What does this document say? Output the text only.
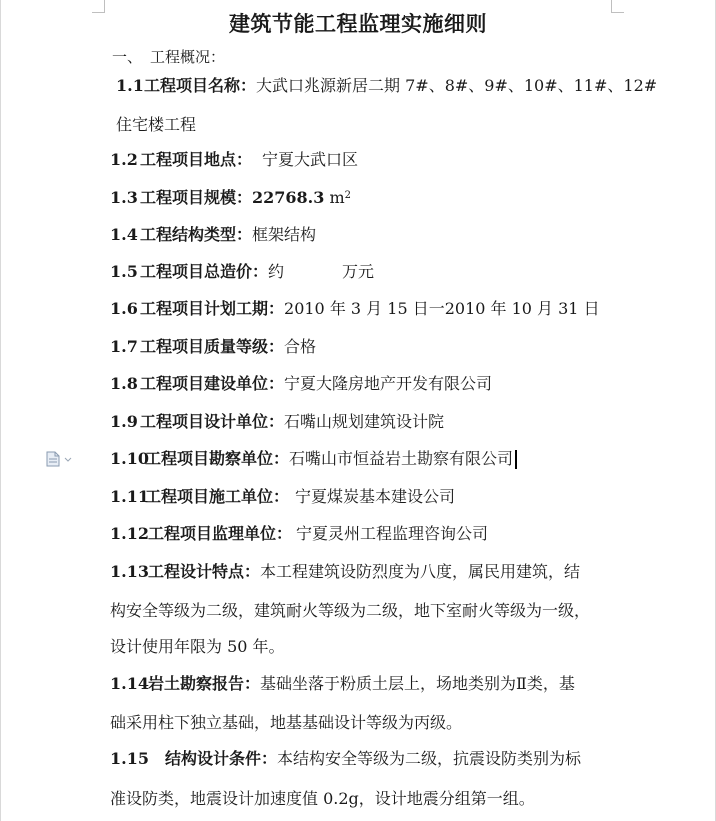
建筑节能工程监理实施细则
一、 工程概况：
1.1工程项目名称：大武口兆源新居二期 7#、8#、9#、10#、11#、12#
住宅楼工程
1.2 工程项目地点： 宁夏大武口区
1.3 工程项目规模：22768.3 $m^2$
1.4 工程结构类型：框架结构
1.5 工程项目总造价：约	万元
1.6 工程项目计划工期：2010 年 3 月 15 日一2010 年 10 月 31 日
1.7 工程项目质量等级：合格
1.8 工程项目建设单位：宁夏大隆房地产开发有限公司
1.9 工程项目设计单位：石嘴山规划建筑设计院
1.10工程项目勘察单位：石嘴山市恒益岩土勘察有限公司
1.11工程项目施工单位： 宁夏煤炭基本建设公司
1.12工程项目监理单位： 宁夏灵州工程监理咨询公司
1.13工程设计特点：本工程建筑设防烈度为八度，属民用建筑，结
构安全等级为二级，建筑耐火等级为二级，地下室耐火等级为一级，
设计使用年限为 50 年。
1.14岩土勘察报告：基础坐落于粉质土层上，场地类别为Ⅱ类，基
础采用柱下独立基础，地基基础设计等级为丙级。
1.15 结构设计条件：本结构安全等级为二级，抗震设防类别为标
准设防类，地震设计加速度值 0.2g，设计地震分组第一组。
